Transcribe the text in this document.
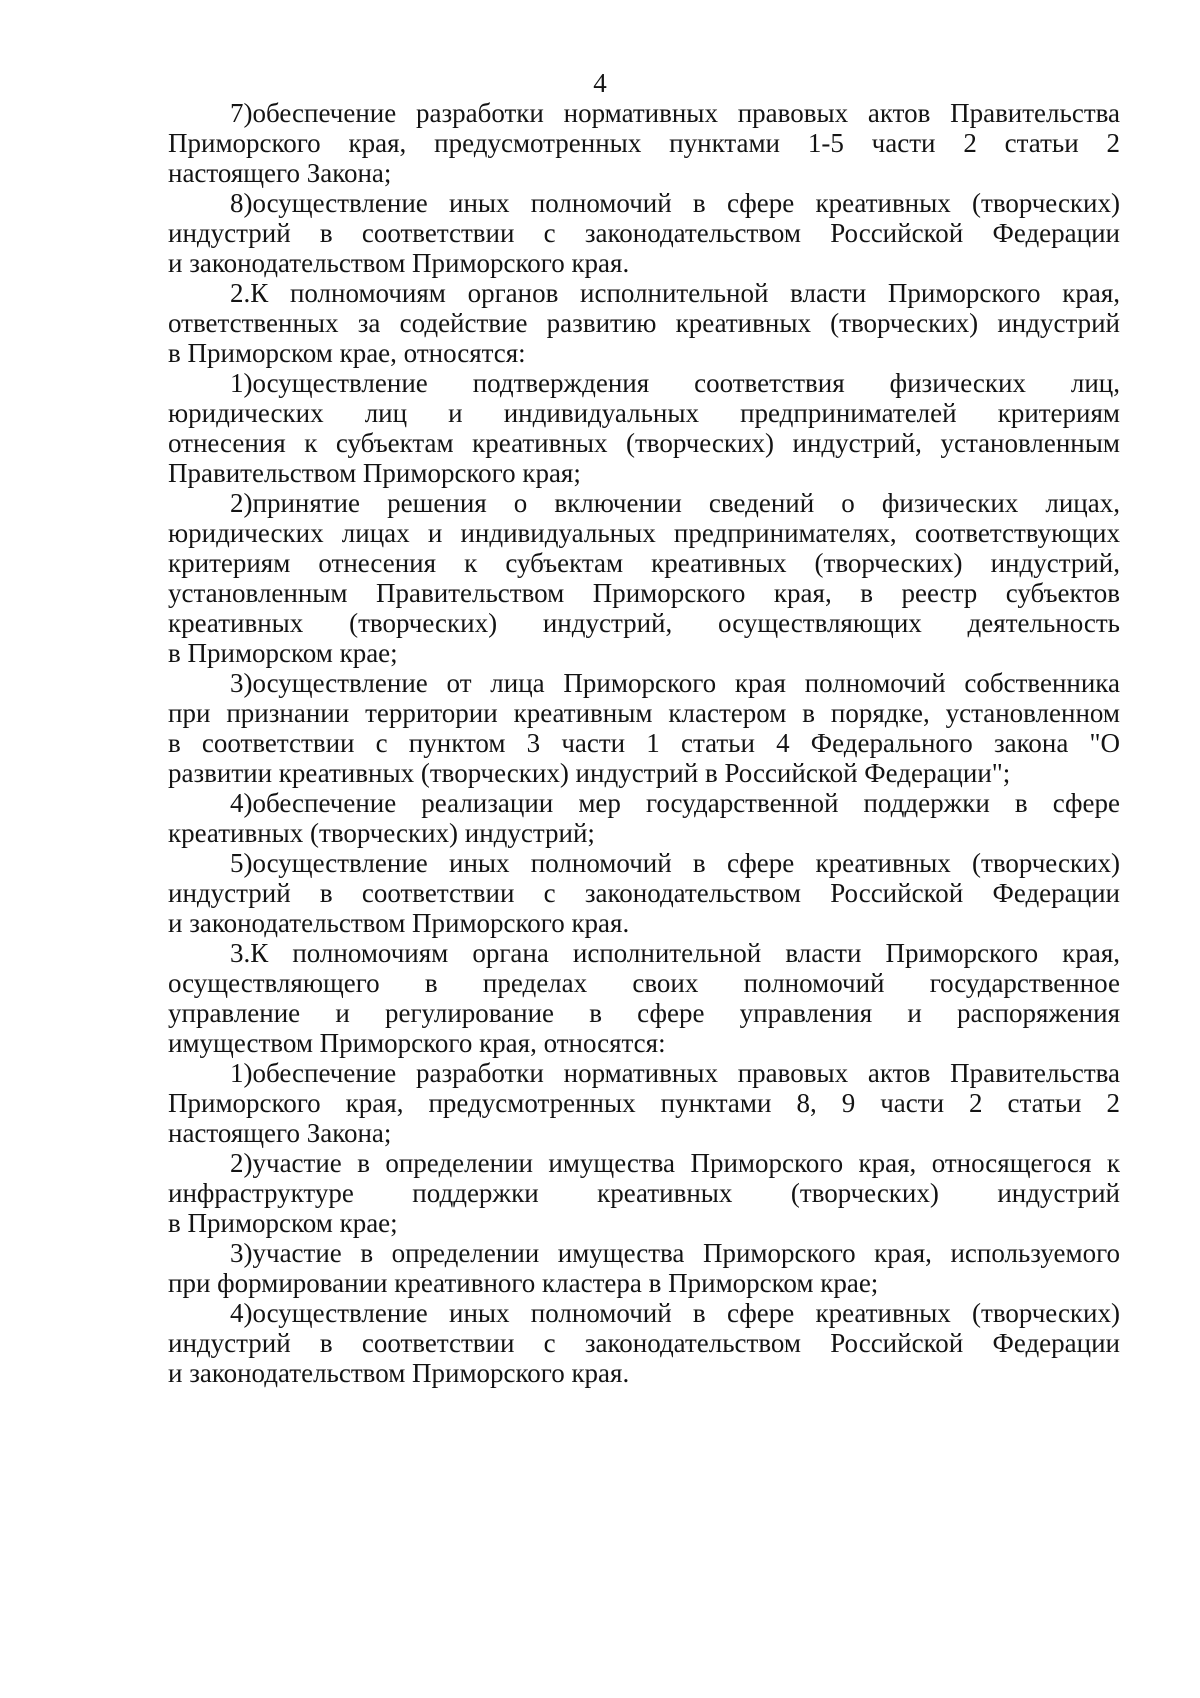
4
7)обеспечение разработки нормативных правовых актов Правительства
Приморского края, предусмотренных пунктами 1-5 части 2 статьи 2
настоящего Закона;
8)осуществление иных полномочий в сфере креативных (творческих)
индустрий в соответствии с законодательством Российской Федерации
и законодательством Приморского края.
2.К полномочиям органов исполнительной власти Приморского края,
ответственных за содействие развитию креативных (творческих) индустрий
в Приморском крае, относятся:
1)осуществление подтверждения соответствия физических лиц,
юридических лиц и индивидуальных предпринимателей критериям
отнесения к субъектам креативных (творческих) индустрий, установленным
Правительством Приморского края;
2)принятие решения о включении сведений о физических лицах,
юридических лицах и индивидуальных предпринимателях, соответствующих
критериям отнесения к субъектам креативных (творческих) индустрий,
установленным Правительством Приморского края, в реестр субъектов
креативных (творческих) индустрий, осуществляющих деятельность
в Приморском крае;
3)осуществление от лица Приморского края полномочий собственника
при признании территории креативным кластером в порядке, установленном
в соответствии с пунктом 3 части 1 статьи 4 Федерального закона "О
развитии креативных (творческих) индустрий в Российской Федерации";
4)обеспечение реализации мер государственной поддержки в сфере
креативных (творческих) индустрий;
5)осуществление иных полномочий в сфере креативных (творческих)
индустрий в соответствии с законодательством Российской Федерации
и законодательством Приморского края.
3.К полномочиям органа исполнительной власти Приморского края,
осуществляющего в пределах своих полномочий государственное
управление и регулирование в сфере управления и распоряжения
имуществом Приморского края, относятся:
1)обеспечение разработки нормативных правовых актов Правительства
Приморского края, предусмотренных пунктами 8, 9 части 2 статьи 2
настоящего Закона;
2)участие в определении имущества Приморского края, относящегося к
инфраструктуре поддержки креативных (творческих) индустрий
в Приморском крае;
3)участие в определении имущества Приморского края, используемого
при формировании креативного кластера в Приморском крае;
4)осуществление иных полномочий в сфере креативных (творческих)
индустрий в соответствии с законодательством Российской Федерации
и законодательством Приморского края.
